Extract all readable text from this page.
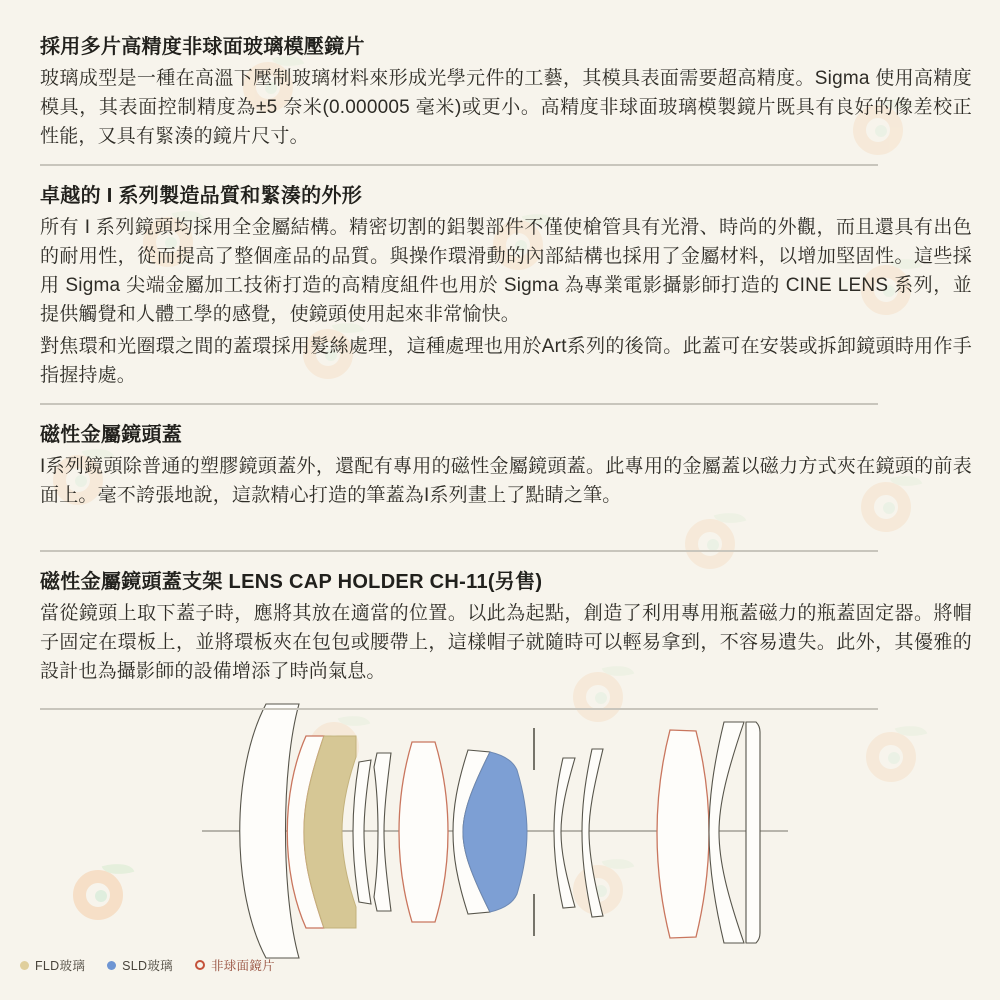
採用多片高精度非球面玻璃模壓鏡片

玻璃成型是一種在高溫下壓制玻璃材料來形成光學元件的工藝，其模具表面需要超高精度。Sigma 使用高精度模具，其表面控制精度為±5 奈米(0.000005 毫米)或更小。高精度非球面玻璃模製鏡片既具有良好的像差校正性能，又具有緊湊的鏡片尺寸。

卓越的 I 系列製造品質和緊湊的外形

所有 I 系列鏡頭均採用全金屬結構。精密切割的鋁製部件不僅使槍管具有光滑、時尚的外觀，而且還具有出色的耐用性，從而提高了整個產品的品質。與操作環滑動的內部結構也採用了金屬材料，以增加堅固性。這些採用 Sigma 尖端金屬加工技術打造的高精度組件也用於 Sigma 為專業電影攝影師打造的 CINE LENS 系列，並提供觸覺和人體工學的感覺，使鏡頭使用起來非常愉快。

對焦環和光圈環之間的蓋環採用髮絲處理，這種處理也用於Art系列的後筒。此蓋可在安裝或拆卸鏡頭時用作手指握持處。

磁性金屬鏡頭蓋

I系列鏡頭除普通的塑膠鏡頭蓋外，還配有專用的磁性金屬鏡頭蓋。此專用的金屬蓋以磁力方式夾在鏡頭的前表面上。毫不誇張地說，這款精心打造的筆蓋為I系列畫上了點睛之筆。

磁性金屬鏡頭蓋支架 LENS CAP HOLDER CH-11(另售)

當從鏡頭上取下蓋子時，應將其放在適當的位置。以此為起點，創造了利用專用瓶蓋磁力的瓶蓋固定器。將帽子固定在環板上，並將環板夾在包包或腰帶上，這樣帽子就隨時可以輕易拿到，不容易遺失。此外，其優雅的設計也為攝影師的設備增添了時尚氣息。

FLD玻璃	SLD玻璃	非球面鏡片
